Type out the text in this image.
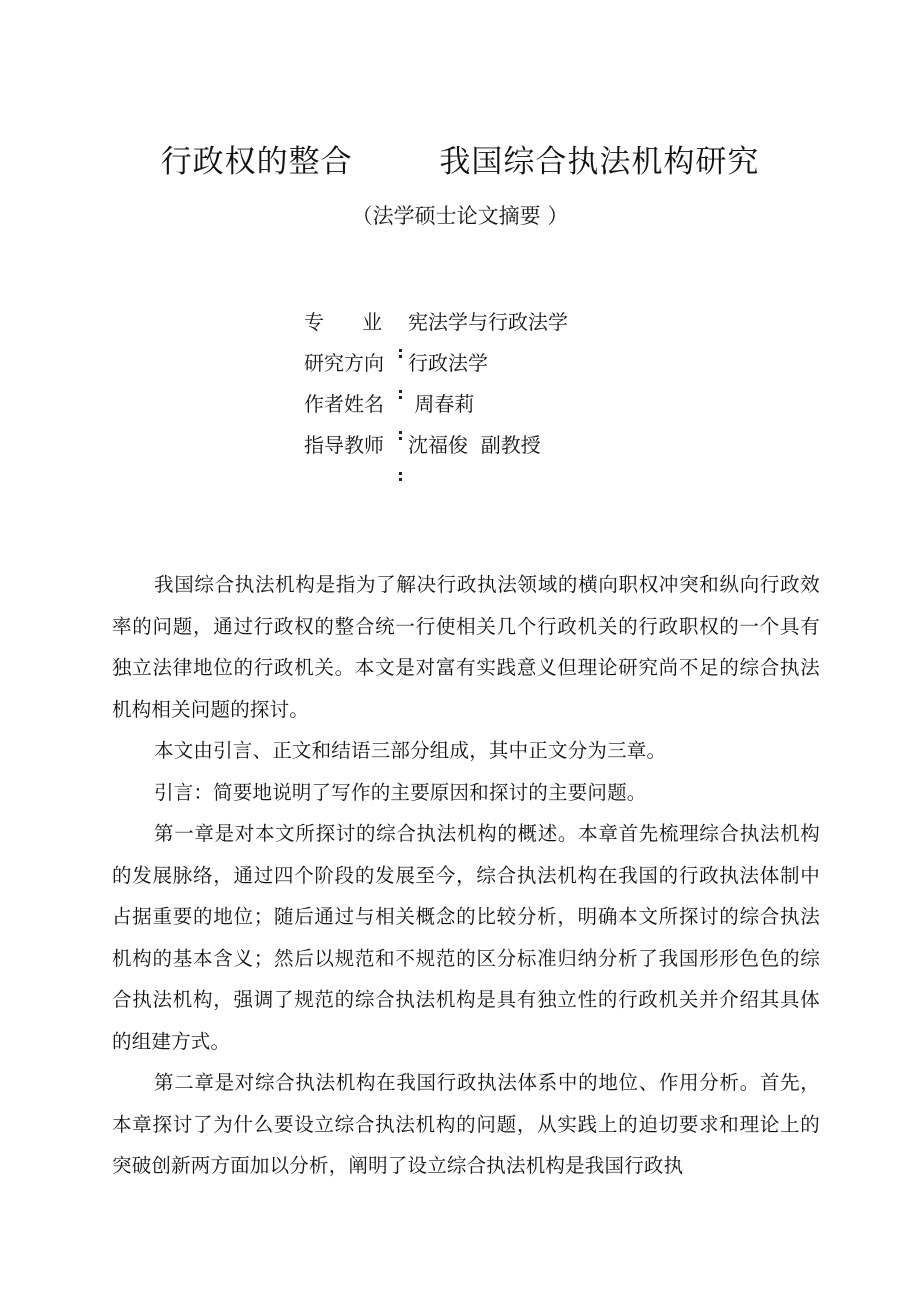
行政权的整合        我国综合执法机构研究
（法学硕士论文摘要 ）
专      业 宪法学与行政法学
研究方向 行政法学
作者姓名 周春莉
指导教师 沈福俊  副教授

我国综合执法机构是指为了解决行政执法领域的横向职权冲突和纵向行政效率的问题，通过行政权的整合统一行使相关几个行政机关的行政职权的一个具有独立法律地位的行政机关。本文是对富有实践意义但理论研究尚不足的综合执法机构相关问题的探讨。

本文由引言、正文和结语三部分组成，其中正文分为三章。

引言：简要地说明了写作的主要原因和探讨的主要问题。

第一章是对本文所探讨的综合执法机构的概述。本章首先梳理综合执法机构的发展脉络，通过四个阶段的发展至今，综合执法机构在我国的行政执法体制中占据重要的地位；随后通过与相关概念的比较分析，明确本文所探讨的综合执法机构的基本含义；然后以规范和不规范的区分标准归纳分析了我国形形色色的综合执法机构，强调了规范的综合执法机构是具有独立性的行政机关并介绍其具体的组建方式。

第二章是对综合执法机构在我国行政执法体系中的地位、作用分析。首先，本章探讨了为什么要设立综合执法机构的问题，从实践上的迫切要求和理论上的突破创新两方面加以分析，阐明了设立综合执法机构是我国行政执
